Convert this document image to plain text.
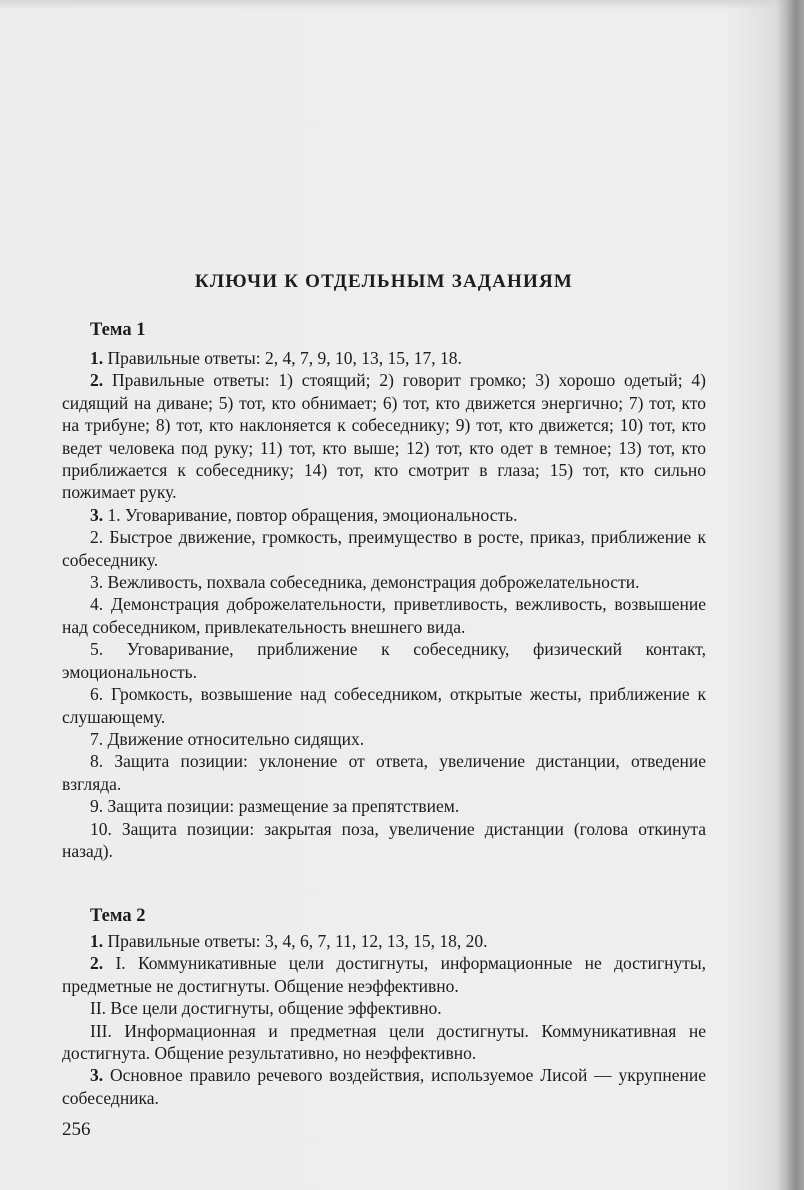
КЛЮЧИ К ОТДЕЛЬНЫМ ЗАДАНИЯМ
Тема 1

1. Правильные ответы: 2, 4, 7, 9, 10, 13, 15, 17, 18.

2. Правильные ответы: 1) стоящий; 2) говорит громко; 3) хорошо одетый; 4) сидящий на диване; 5) тот, кто обнимает; 6) тот, кто движется энергично; 7) тот, кто на трибуне; 8) тот, кто наклоняется к собеседнику; 9) тот, кто движется; 10) тот, кто ведет человека под руку; 11) тот, кто выше; 12) тот, кто одет в темное; 13) тот, кто приближается к собеседнику; 14) тот, кто смотрит в глаза; 15) тот, кто сильно пожимает руку.

3. 1. Уговаривание, повтор обращения, эмоциональность.

2. Быстрое движение, громкость, преимущество в росте, приказ, приближение к собеседнику.

3. Вежливость, похвала собеседника, демонстрация доброжелательности.

4. Демонстрация доброжелательности, приветливость, вежливость, возвышение над собеседником, привлекательность внешнего вида.

5. Уговаривание, приближение к собеседнику, физический контакт, эмоциональность.

6. Громкость, возвышение над собеседником, открытые жесты, приближение к слушающему.

7. Движение относительно сидящих.

8. Защита позиции: уклонение от ответа, увеличение дистанции, отведение взгляда.

9. Защита позиции: размещение за препятствием.

10. Защита позиции: закрытая поза, увеличение дистанции (голова откинута назад).

Тема 2

1. Правильные ответы: 3, 4, 6, 7, 11, 12, 13, 15, 18, 20.

2. I. Коммуникативные цели достигнуты, информационные не достигнуты, предметные не достигнуты. Общение неэффективно.

II. Все цели достигнуты, общение эффективно.

III. Информационная и предметная цели достигнуты. Коммуникативная не достигнута. Общение результативно, но неэффективно.

3. Основное правило речевого воздействия, используемое Лисой — укрупнение собеседника.

256
